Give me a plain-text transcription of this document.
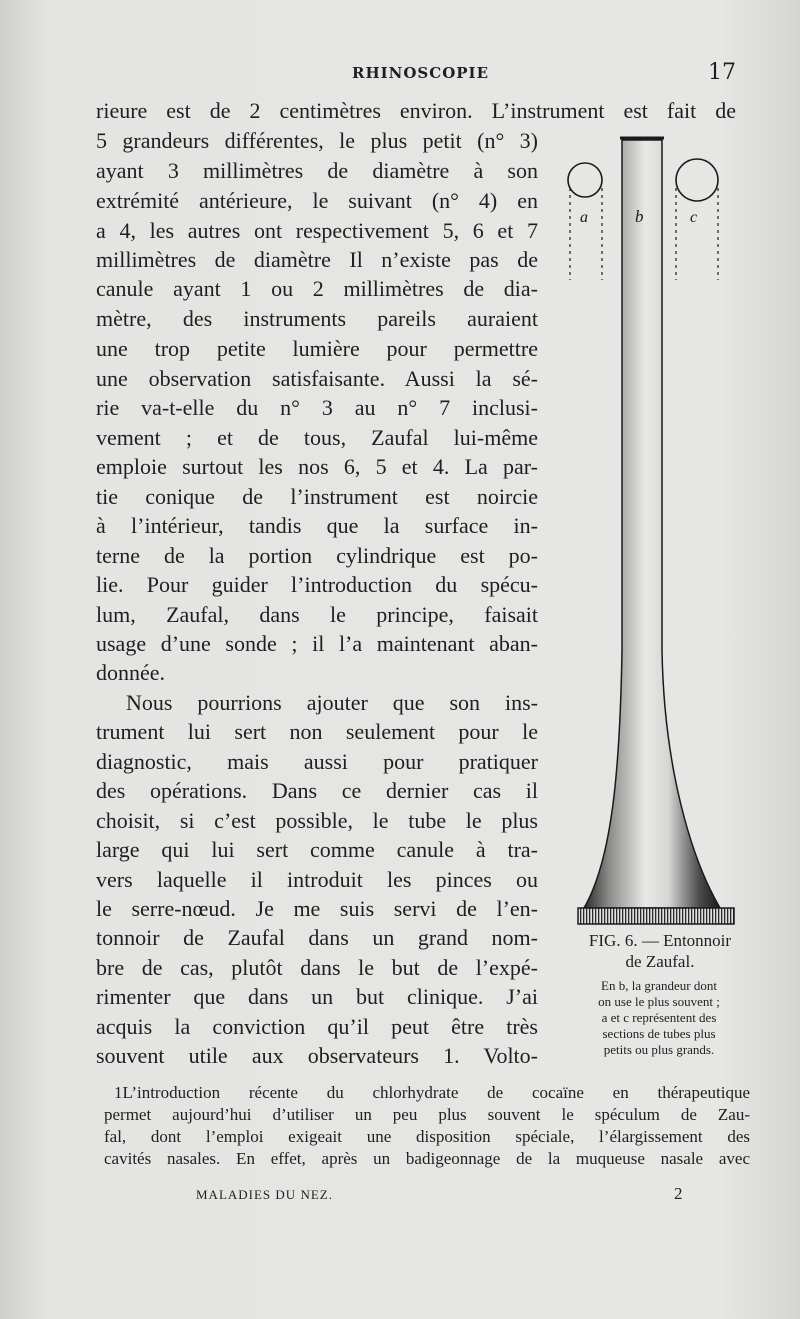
RHINOSCOPIE	17
rieure est de 2 centimètres environ. L’instrument est fait de
5 grandeurs différentes, le plus petit (n° 3)
ayant 3 millimètres de diamètre à son
extrémité antérieure, le suivant (n° 4) en
a 4, les autres ont respectivement 5, 6 et 7
millimètres de diamètre Il n’existe pas de
canule ayant 1 ou 2 millimètres de dia-
mètre, des instruments pareils auraient
une trop petite lumière pour permettre
une observation satisfaisante. Aussi la sé-
rie va-t-elle du n° 3 au n° 7 inclusi-
vement ; et de tous, Zaufal lui-même
emploie surtout les nos 6, 5 et 4. La par-
tie conique de l’instrument est noircie
à l’intérieur, tandis que la surface in-
terne de la portion cylindrique est po-
lie. Pour guider l’introduction du spécu-
lum, Zaufal, dans le principe, faisait
usage d’une sonde ; il l’a maintenant aban-
donnée.
Nous pourrions ajouter que son ins-
trument lui sert non seulement pour le
diagnostic, mais aussi pour pratiquer
des opérations. Dans ce dernier cas il
choisit, si c’est possible, le tube le plus
large qui lui sert comme canule à tra-
vers laquelle il introduit les pinces ou
le serre-nœud. Je me suis servi de l’en-
tonnoir de Zaufal dans un grand nom-
bre de cas, plutôt dans le but de l’expé-
rimenter que dans un but clinique. J’ai
acquis la conviction qu’il peut être très
souvent utile aux observateurs 1. Volto-
a	b	c
FIG. 6. — Entonnoir
de Zaufal.
En b, la grandeur dont
on use le plus souvent ;
a et c représentent des
sections de tubes plus
petits ou plus grands.
1L’introduction récente du chlorhydrate de cocaïne en thérapeutique
permet aujourd’hui d’utiliser un peu plus souvent le spéculum de Zau-
fal, dont l’emploi exigeait une disposition spéciale, l’élargissement des
cavités nasales. En effet, après un badigeonnage de la muqueuse nasale avec
MALADIES DU NEZ.	2
